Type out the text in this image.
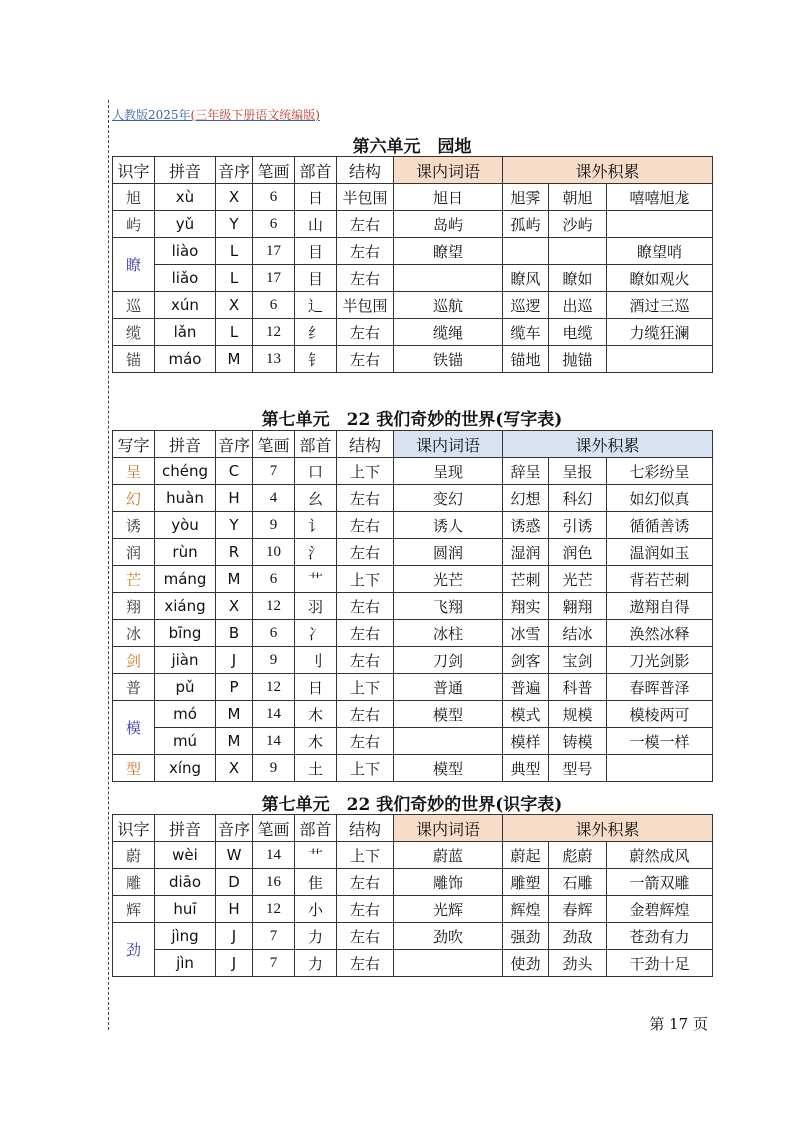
人教版2025年(三年级下册语文统编版)
第六单元　园地
识字	拼音	音序	笔画	部首	结构	课内词语	课外积累		
旭	xù	X	6	日	半包围	旭日	旭霁	朝旭	嘻嘻旭尨
屿	yǔ	Y	6	山	左右	岛屿	孤屿	沙屿	
瞭	liào	L	17	目	左右	瞭望			瞭望哨
	liǎo	L	17	目	左右		瞭风	瞭如	瞭如观火
巡	xún	X	6	辶	半包围	巡航	巡逻	出巡	酒过三巡
缆	lǎn	L	12	纟	左右	缆绳	缆车	电缆	力缆狂澜
锚	máo	M	13	钅	左右	铁锚	锚地	抛锚	
第七单元　22 我们奇妙的世界(写字表)
写字	拼音	音序	笔画	部首	结构	课内词语	课外积累		
呈	chéng	C	7	口	上下	呈现	辞呈	呈报	七彩纷呈
幻	huàn	H	4	幺	左右	变幻	幻想	科幻	如幻似真
诱	yòu	Y	9	讠	左右	诱人	诱惑	引诱	循循善诱
润	rùn	R	10	氵	左右	圆润	湿润	润色	温润如玉
芒	máng	M	6	艹	上下	光芒	芒刺	光芒	背若芒刺
翔	xiáng	X	12	羽	左右	飞翔	翔实	翱翔	遨翔自得
冰	bīng	B	6	冫	左右	冰柱	冰雪	结冰	涣然冰释
剑	jiàn	J	9	刂	左右	刀剑	剑客	宝剑	刀光剑影
普	pǔ	P	12	日	上下	普通	普遍	科普	春晖普泽
模	mó	M	14	木	左右	模型	模式	规模	模棱两可
	mú	M	14	木	左右		模样	铸模	一模一样
型	xíng	X	9	土	上下	模型	典型	型号	
第七单元　22 我们奇妙的世界(识字表)
识字	拼音	音序	笔画	部首	结构	课内词语	课外积累		
蔚	wèi	W	14	艹	上下	蔚蓝	蔚起	彪蔚	蔚然成风
雕	diāo	D	16	隹	左右	雕饰	雕塑	石雕	一箭双雕
辉	huī	H	12	小	左右	光辉	辉煌	春辉	金碧辉煌
劲	jìng	J	7	力	左右	劲吹	强劲	劲敌	苍劲有力
	jìn	J	7	力	左右		使劲	劲头	干劲十足
第 17 页
